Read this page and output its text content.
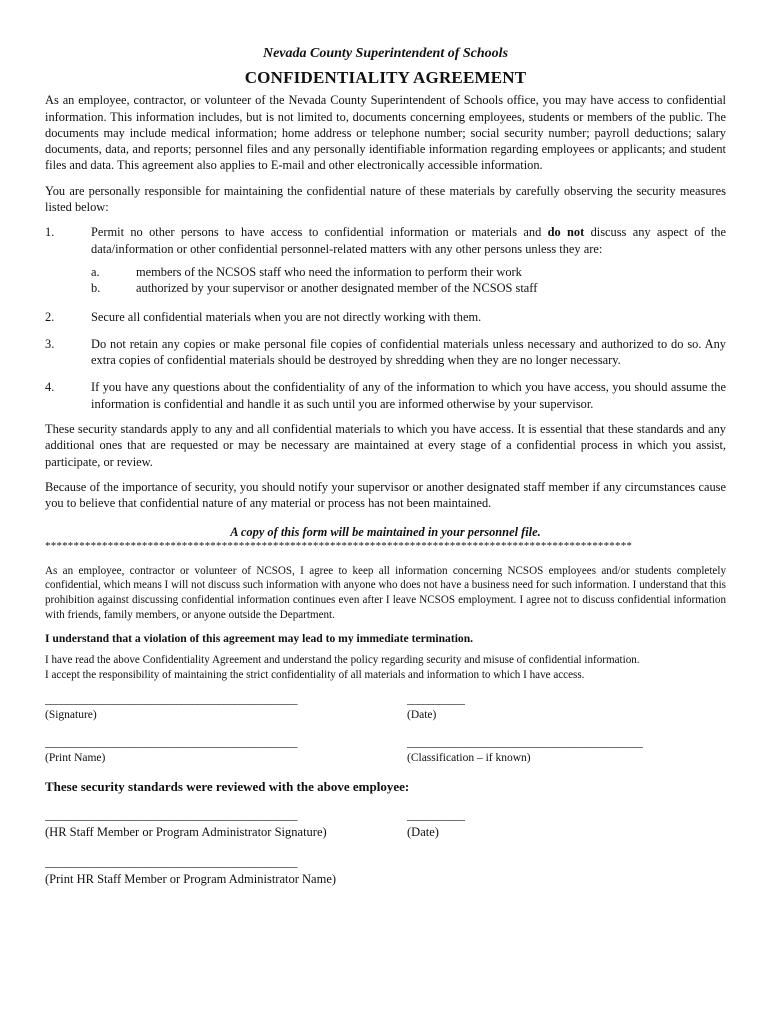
Nevada County Superintendent of Schools

CONFIDENTIALITY AGREEMENT

As an employee, contractor, or volunteer of the Nevada County Superintendent of Schools office, you may have access to confidential information. This information includes, but is not limited to, documents concerning employees, students or members of the public. The documents may include medical information; home address or telephone number; social security number; payroll deductions; salary documents, data, and reports; personnel files and any personally identifiable information regarding employees or applicants; and student files and data. This agreement also applies to E-mail and other electronically accessible information.

You are personally responsible for maintaining the confidential nature of these materials by carefully observing the security measures listed below:

1.	Permit no other persons to have access to confidential information or materials and do not discuss any aspect of the data/information or other confidential personnel-related matters with any other persons unless they are:
a.	members of the NCSOS staff who need the information to perform their work
b.	authorized by your supervisor or another designated member of the NCSOS staff
2.	Secure all confidential materials when you are not directly working with them.
3.	Do not retain any copies or make personal file copies of confidential materials unless necessary and authorized to do so. Any extra copies of confidential materials should be destroyed by shredding when they are no longer necessary.
4.	If you have any questions about the confidentiality of any of the information to which you have access, you should assume the information is confidential and handle it as such until you are informed otherwise by your supervisor.

These security standards apply to any and all confidential materials to which you have access. It is essential that these standards and any additional ones that are requested or may be necessary are maintained at every stage of a confidential process in which you assist, participate, or review.

Because of the importance of security, you should notify your supervisor or another designated staff member if any circumstances cause you to believe that confidential nature of any material or process has not been maintained.

A copy of this form will be maintained in your personnel file.
*******************************************************************************************************

As an employee, contractor or volunteer of NCSOS, I agree to keep all information concerning NCSOS employees and/or students completely confidential, which means I will not discuss such information with anyone who does not have a business need for such information. I understand that this prohibition against discussing confidential information continues even after I leave NCSOS employment. I agree not to discuss confidential information with friends, family members, or anyone outside the Department.

I understand that a violation of this agreement may lead to my immediate termination.

I have read the above Confidentiality Agreement and understand the policy regarding security and misuse of confidential information.

I accept the responsibility of maintaining the strict confidentiality of all materials and information to which I have access.

________________________________________________
(Signature)
___________
(Date)
________________________________________________
(Print Name)
_____________________________________________
(Classification – if known)
These security standards were reviewed with the above employee:
________________________________________________
(HR Staff Member or Program Administrator Signature)
___________
(Date)
________________________________________________
(Print HR Staff Member or Program Administrator Name)
